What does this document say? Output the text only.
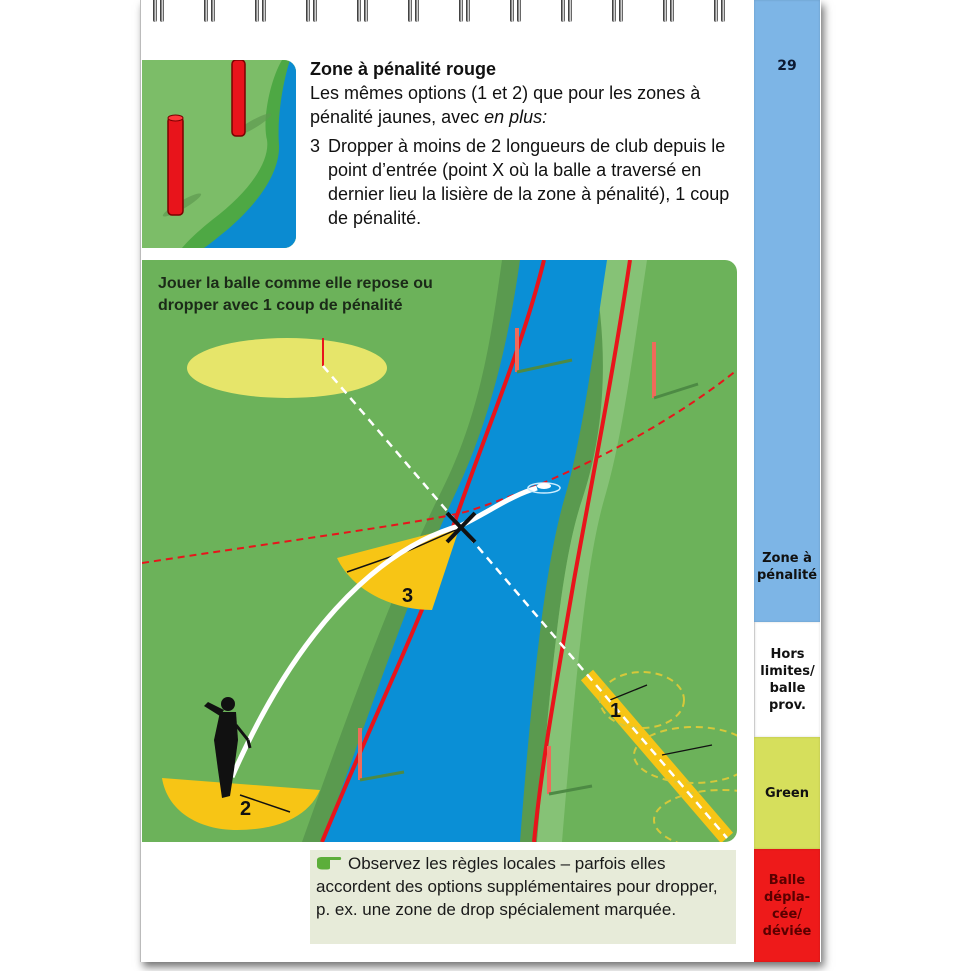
29
Zone à pénalité
Hors limites/ balle prov.
Green
Balle dépla- cée/ déviée
Zone à pénalité rouge
Les mêmes options (1 et 2) que pour les zones à pénalité jaunes, avec en plus:
3 Dropper à moins de 2 longueurs de club depuis le point d’entrée (point X où la balle a traversé en dernier lieu la lisière de la zone à pénalité), 1 coup de pénalité.
Jouer la balle comme elle repose ou
dropper avec 1 coup de pénalité
3
2
1
Observez les règles locales – parfois elles accordent des options supplémentaires pour dropper, p. ex. une zone de drop spécialement marquée.
